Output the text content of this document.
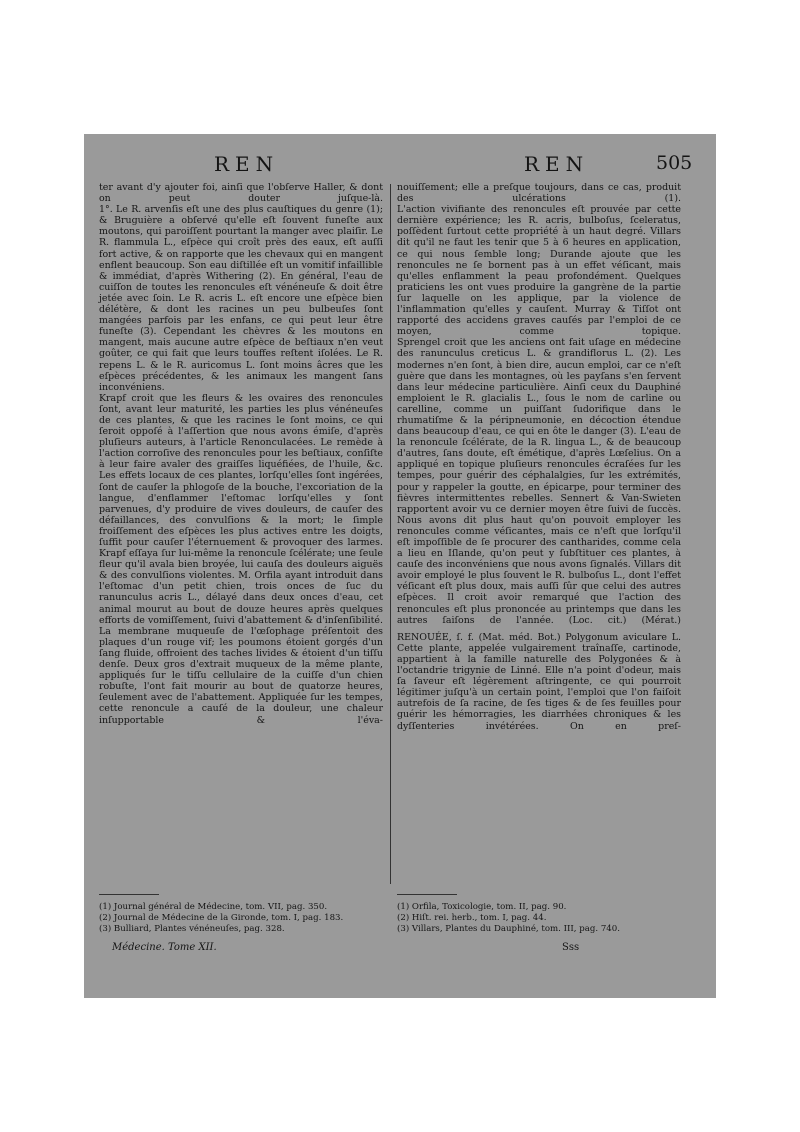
REN	REN	505

ter avant d'y ajouter foi, ainſi que l'obſerve Haller, & dont on peut douter juſque-là.

1°. Le R. arvenſis eſt une des plus cauſtiques du genre (1); & Bruguière a obſervé qu'elle eſt ſouvent funeſte aux moutons, qui paroiſſent pourtant la manger avec plaiſir. Le R. flammula L., eſpèce qui croît près des eaux, eſt auſſi fort active, & on rapporte que les chevaux qui en mangent enflent beaucoup. Son eau diſtillée eſt un vomitif infaillible & immédiat, d'après Withering (2). En général, l'eau de cuiſſon de toutes les renoncules eſt vénéneuſe & doit être jetée avec ſoin. Le R. acris L. eſt encore une eſpèce bien délétère, & dont les racines un peu bulbeuſes ſont mangées parfois par les enfans, ce qui peut leur être funeſte (3). Cependant les chèvres & les moutons en mangent, mais aucune autre eſpèce de beſtiaux n'en veut goûter, ce qui fait que leurs touffes reſtent iſolées. Le R. repens L. & le R. auricomus L. ſont moins âcres que les eſpèces précédentes, & les animaux les mangent ſans inconvéniens.

Krapf croit que les fleurs & les ovaires des renoncules ſont, avant leur maturité, les parties les plus vénéneuſes de ces plantes, & que les racines le ſont moins, ce qui ſeroit oppoſé à l'aſſertion que nous avons émiſe, d'après pluſieurs auteurs, à l'article Renonculacées. Le remède à l'action corroſive des renoncules pour les beſtiaux, conſiſte à leur faire avaler des graiſſes liquéfiées, de l'huile, &c.

Les effets locaux de ces plantes, lorſqu'elles ſont ingérées, ſont de cauſer la phlogoſe de la bouche, l'excoriation de la langue, d'enflammer l'eſtomac lorſqu'elles y ſont parvenues, d'y produire de vives douleurs, de cauſer des défaillances, des convulſions & la mort; le ſimple froiſſement des eſpèces les plus actives entre les doigts, ſuffit pour cauſer l'éternuement & provoquer des larmes. Krapf eſſaya ſur lui-même la renoncule ſcélérate; une ſeule fleur qu'il avala bien broyée, lui cauſa des douleurs aiguës & des convulſions violentes. M. Orfila ayant introduit dans l'eſtomac d'un petit chien, trois onces de ſuc du ranunculus acris L., délayé dans deux onces d'eau, cet animal mourut au bout de douze heures après quelques efforts de vomiſſement, ſuivi d'abattement & d'inſenſibilité. La membrane muqueuſe de l'œſophage préſentoit des plaques d'un rouge vif; les poumons étoient gorgés d'un ſang fluide, offroient des taches livides & étoient d'un tiſſu denſe. Deux gros d'extrait muqueux de la même plante, appliqués ſur le tiſſu cellulaire de la cuiſſe d'un chien robuſte, l'ont fait mourir au bout de quatorze heures, ſeulement avec de l'abattement. Appliquée ſur les tempes, cette renoncule a cauſé de la douleur, une chaleur inſupportable & l'éva-

nouiſſement; elle a preſque toujours, dans ce cas, produit des ulcérations (1).

L'action vivifiante des renoncules eſt prouvée par cette dernière expérience; les R. acris, bulboſus, ſceleratus, poſſèdent ſurtout cette propriété à un haut degré. Villars dit qu'il ne faut les tenir que 5 à 6 heures en application, ce qui nous ſemble long; Durande ajoute que les renoncules ne ſe bornent pas à un effet véſicant, mais qu'elles enflamment la peau profondément. Quelques praticiens les ont vues produire la gangrène de la partie ſur laquelle on les applique, par la violence de l'inflammation qu'elles y cauſent. Murray & Tiſſot ont rapporté des accidens graves cauſés par l'emploi de ce moyen, comme topique.

Sprengel croit que les anciens ont fait uſage en médecine des ranunculus creticus L. & grandiflorus L. (2). Les modernes n'en ſont, à bien dire, aucun emploi, car ce n'eſt guère que dans les montagnes, où les payſans s'en ſervent dans leur médecine particulière. Ainſi ceux du Dauphiné emploient le R. glacialis L., ſous le nom de carline ou carelline, comme un puiſſant ſudorifique dans le rhumatiſme & la péripneumonie, en décoction étendue dans beaucoup d'eau, ce qui en ôte le danger (3). L'eau de la renoncule ſcélérate, de la R. lingua L., & de beaucoup d'autres, ſans doute, eſt émétique, d'après Lœſelius. On a appliqué en topique pluſieurs renoncules écraſées ſur les tempes, pour guérir des céphalalgies, ſur les extrémités, pour y rappeler la goutte, en épicarpe, pour terminer des fièvres intermittentes rebelles. Sennert & Van-Swieten rapportent avoir vu ce dernier moyen être ſuivi de ſuccès. Nous avons dit plus haut qu'on pouvoit employer les renoncules comme véſicantes, mais ce n'eſt que lorſqu'il eſt impoſſible de ſe procurer des cantharides, comme cela a lieu en Iſlande, qu'on peut y ſubſtituer ces plantes, à cauſe des inconvéniens que nous avons ſignalés. Villars dit avoir employé le plus ſouvent le R. bulboſus L., dont l'effet véſicant eſt plus doux, mais auſſi ſûr que celui des autres eſpèces. Il croit avoir remarqué que l'action des renoncules eſt plus prononcée au printemps que dans les autres ſaiſons de l'année. (Loc. cit.) (Mérat.)

RENOUÉE, ſ. f. (Mat. méd. Bot.) Polygonum aviculare L. Cette plante, appelée vulgairement traînaſſe, cartinode, appartient à la famille naturelle des Polygonées & à l'octandrie trigynie de Linné. Elle n'a point d'odeur, mais ſa ſaveur eſt légèrement aſtringente, ce qui pourroit légitimer juſqu'à un certain point, l'emploi que l'on faiſoit autrefois de ſa racine, de ſes tiges & de ſes feuilles pour guérir les hémorragies, les diarrhées chroniques & les dyſſenteries invétérées. On en preſ-

(1) Journal général de Médecine, tom. VII, pag. 350.

(2) Journal de Médecine de la Gironde, tom. I, pag. 183.

(3) Bulliard, Plantes vénéneuſes, pag. 328.

(1) Orfila, Toxicologie, tom. II, pag. 90.

(2) Hiſt. rei. herb., tom. I, pag. 44.

(3) Villars, Plantes du Dauphiné, tom. III, pag. 740.

Médecine. Tome XII.	Sss
